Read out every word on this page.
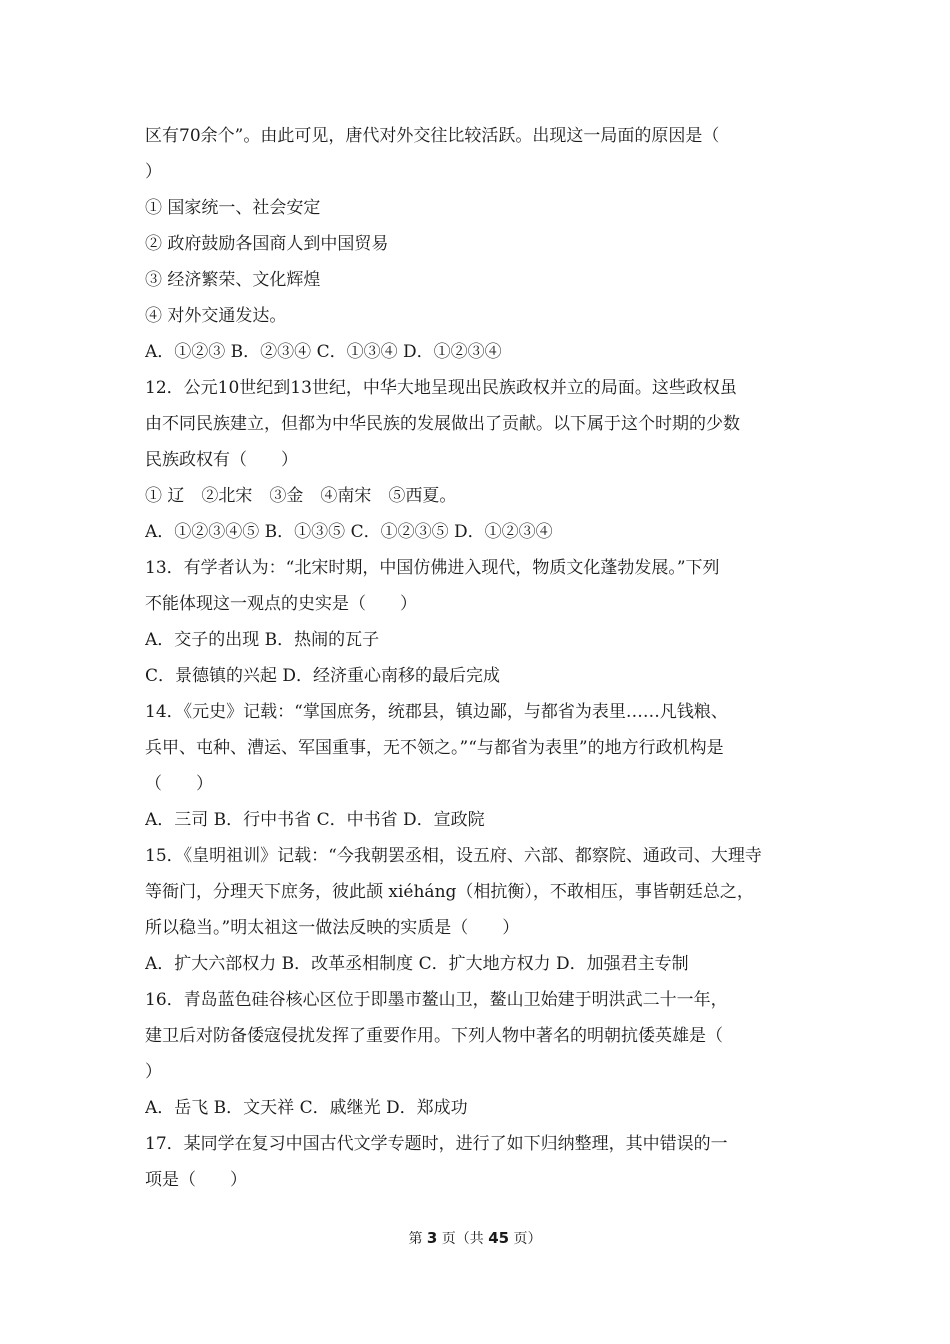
区有70余个”。由此可见，唐代对外交往比较活跃。出现这一局面的原因是（
）
① 国家统一、社会安定
② 政府鼓励各国商人到中国贸易
③ 经济繁荣、文化辉煌
④ 对外交通发达。
A．①②③ B．②③④ C．①③④ D．①②③④
12．公元10世纪到13世纪，中华大地呈现出民族政权并立的局面。这些政权虽
由不同民族建立，但都为中华民族的发展做出了贡献。以下属于这个时期的少数
民族政权有（　　）
① 辽　②北宋　③金　④南宋　⑤西夏。
A．①②③④⑤ B．①③⑤ C．①②③⑤ D．①②③④
13．有学者认为：“北宋时期，中国仿佛进入现代，物质文化蓬勃发展。”下列
不能体现这一观点的史实是（　　）
A．交子的出现 B．热闹的瓦子
C．景德镇的兴起 D．经济重心南移的最后完成
14．《元史》记载：“掌国庶务，统郡县，镇边鄙，与都省为表里……凡钱粮、
兵甲、屯种、漕运、军国重事，无不领之。”“与都省为表里”的地方行政机构是
（　　）
A．三司 B．行中书省 C．中书省 D．宣政院
15．《皇明祖训》记载：“今我朝罢丞相，设五府、六部、都察院、通政司、大理寺
等衙门，分理天下庶务，彼此颉 xiéháng（相抗衡），不敢相压，事皆朝廷总之，
所以稳当。”明太祖这一做法反映的实质是（　　）
A．扩大六部权力 B．改革丞相制度 C．扩大地方权力 D．加强君主专制
16．青岛蓝色硅谷核心区位于即墨市鳌山卫，鳌山卫始建于明洪武二十一年，
建卫后对防备倭寇侵扰发挥了重要作用。下列人物中著名的明朝抗倭英雄是（
）
A．岳飞 B．文天祥 C．戚继光 D．郑成功
17．某同学在复习中国古代文学专题时，进行了如下归纳整理，其中错误的一
项是（　　）
第 3 页（共 45 页）
